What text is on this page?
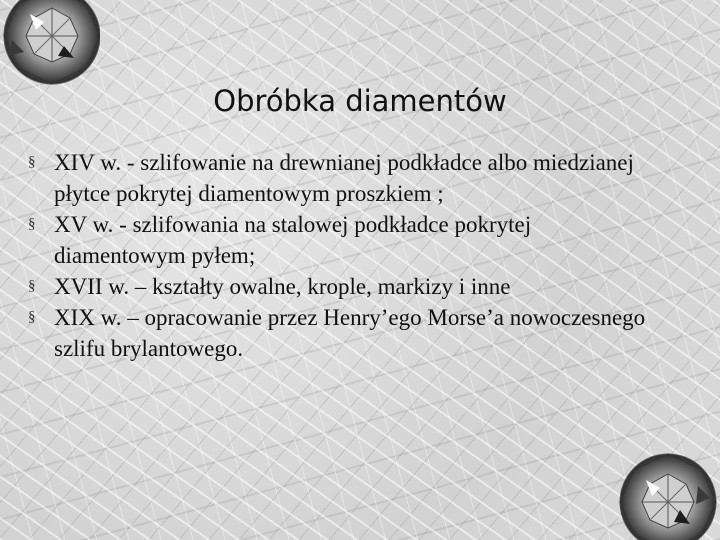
Obróbka diamentów
§ XIV w. - szlifowanie na drewnianej podkładce albo miedzianej płytce pokrytej diamentowym proszkiem ;
§ XV w. - szlifowania na stalowej podkładce pokrytej diamentowym pyłem;
§ XVII w. – kształty owalne, krople, markizy i inne
§ XIX w. – opracowanie przez Henry’ego Morse’a nowoczesnego szlifu brylantowego.
